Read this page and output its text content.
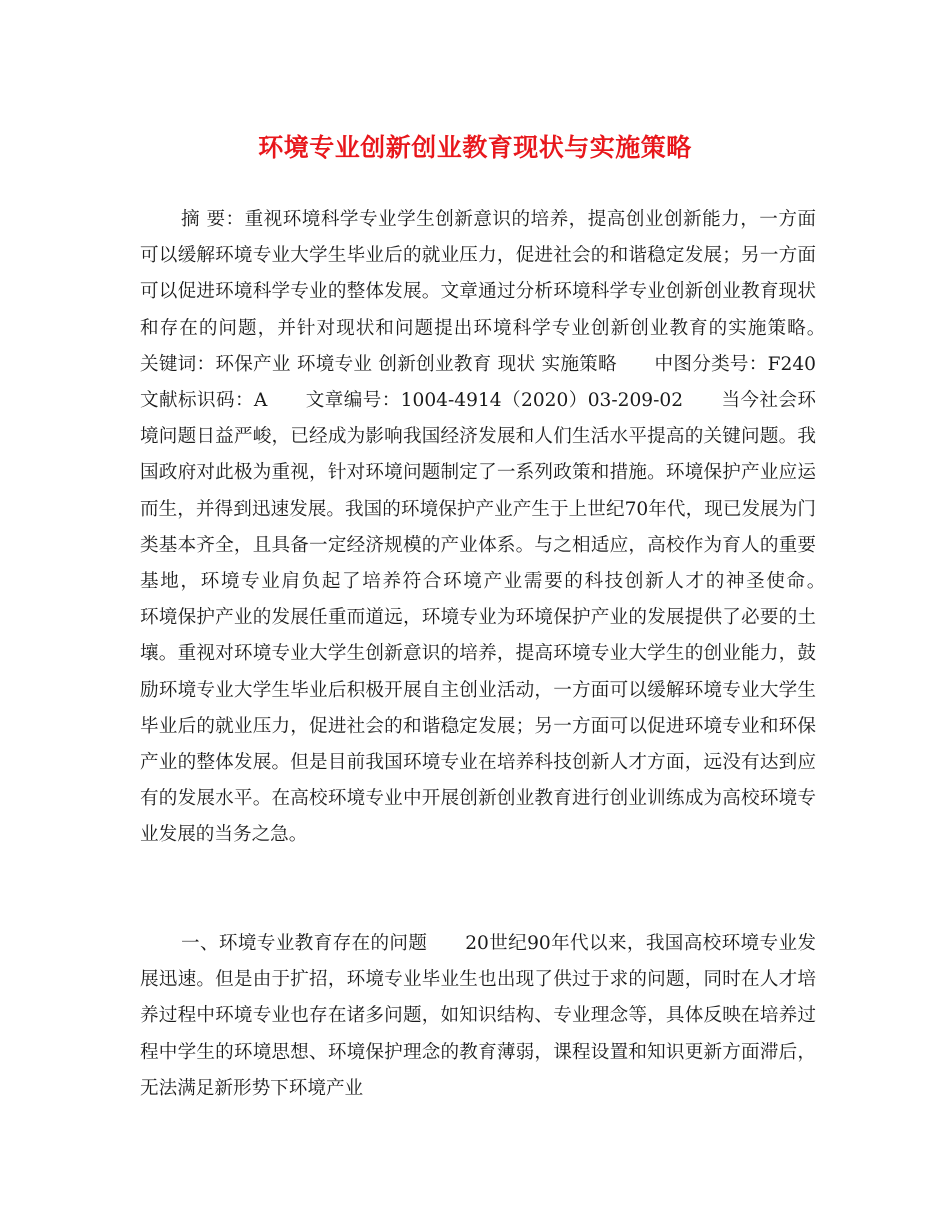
环境专业创新创业教育现状与实施策略

摘 要：重视环境科学专业学生创新意识的培养，提高创业创新能力，一方面可以缓解环境专业大学生毕业后的就业压力，促进社会的和谐稳定发展；另一方面可以促进环境科学专业的整体发展。文章通过分析环境科学专业创新创业教育现状和存在的问题，并针对现状和问题提出环境科学专业创新创业教育的实施策略。　　关键词：环保产业 环境专业 创新创业教育 现状 实施策略　　中图分类号：F240 文献标识码：A　　文章编号：1004-4914（2020）03-209-02　　当今社会环境问题日益严峻，已经成为影响我国经济发展和人们生活水平提高的关键问题。我国政府对此极为重视，针对环境问题制定了一系列政策和措施。环境保护产业应运而生，并得到迅速发展。我国的环境保护产业产生于上世纪70年代，现已发展为门类基本齐全，且具备一定经济规模的产业体系。与之相适应，高校作为育人的重要基地，环境专业肩负起了培养符合环境产业需要的科技创新人才的神圣使命。　　环境保护产业的发展任重而道远，环境专业为环境保护产业的发展提供了必要的土壤。重视对环境专业大学生创新意识的培养，提高环境专业大学生的创业能力，鼓励环境专业大学生毕业后积极开展自主创业活动，一方面可以缓解环境专业大学生毕业后的就业压力，促进社会的和谐稳定发展；另一方面可以促进环境专业和环保产业的整体发展。但是目前我国环境专业在培养科技创新人才方面，远没有达到应有的发展水平。在高校环境专业中开展创新创业教育进行创业训练成为高校环境专业发展的当务之急。

一、环境专业教育存在的问题　　20世纪90年代以来，我国高校环境专业发展迅速。但是由于扩招，环境专业毕业生也出现了供过于求的问题，同时在人才培养过程中环境专业也存在诸多问题，如知识结构、专业理念等，具体反映在培养过程中学生的环境思想、环境保护理念的教育薄弱，课程设置和知识更新方面滞后，无法满足新形势下环境产业
